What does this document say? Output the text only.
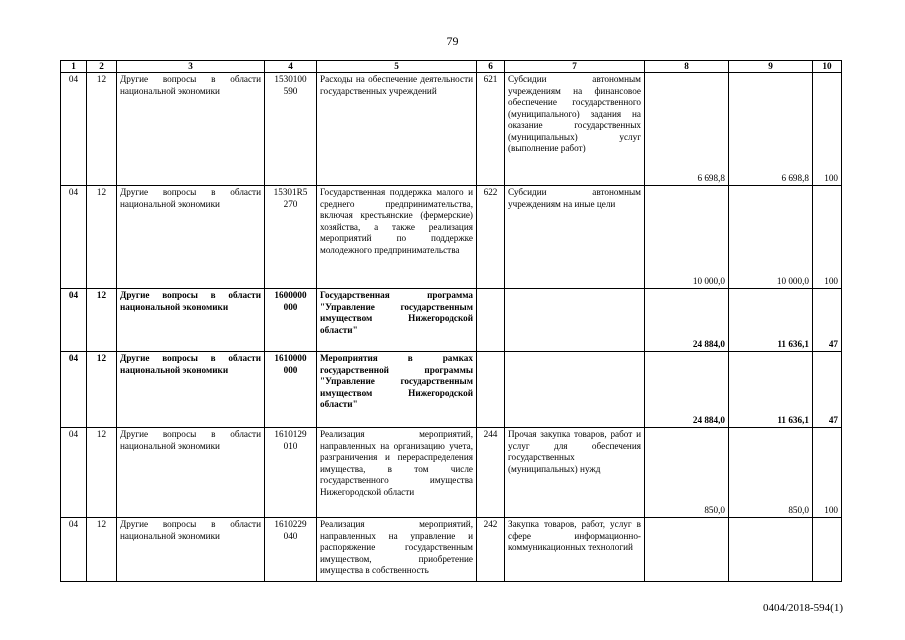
79
1	2	3	4	5	6	7	8	9	10
04	12	Другие вопросы в области национальной экономики	1530100 590	Расходы на обеспечение деятельности государственных учреждений	621	Субсидии автономным учреждениям на финансовое обеспечение государственного (муниципального) задания на оказание государственных (муниципальных) услуг (выполнение работ)	6 698,8	6 698,8	100
04	12	Другие вопросы в области национальной экономики	15301R5 270	Государственная поддержка малого и среднего предпринимательства, включая крестьянские (фермерские) хозяйства, а также реализация мероприятий по поддержке молодежного предпринимательства	622	Субсидии автономным учреждениям на иные цели	10 000,0	10 000,0	100
04	12	Другие вопросы в области национальной экономики	1600000 000	Государственная программа "Управление государственным имуществом Нижегородской области"			24 884,0	11 636,1	47
04	12	Другие вопросы в области национальной экономики	1610000 000	Мероприятия в рамках государственной программы "Управление государственным имуществом Нижегородской области"			24 884,0	11 636,1	47
04	12	Другие вопросы в области национальной экономики	1610129 010	Реализация мероприятий, направленных на организацию учета, разграничения и перераспределения имущества, в том числе государственного имущества Нижегородской области	244	Прочая закупка товаров, работ и услуг для обеспечения государственных (муниципальных) нужд	850,0	850,0	100
04	12	Другие вопросы в области национальной экономики	1610229 040	Реализация мероприятий, направленных на управление и распоряжение государственным имуществом, приобретение имущества в собственность	242	Закупка товаров, работ, услуг в сфере информационно-коммуникационных технологий			
0404/2018-594(1)
